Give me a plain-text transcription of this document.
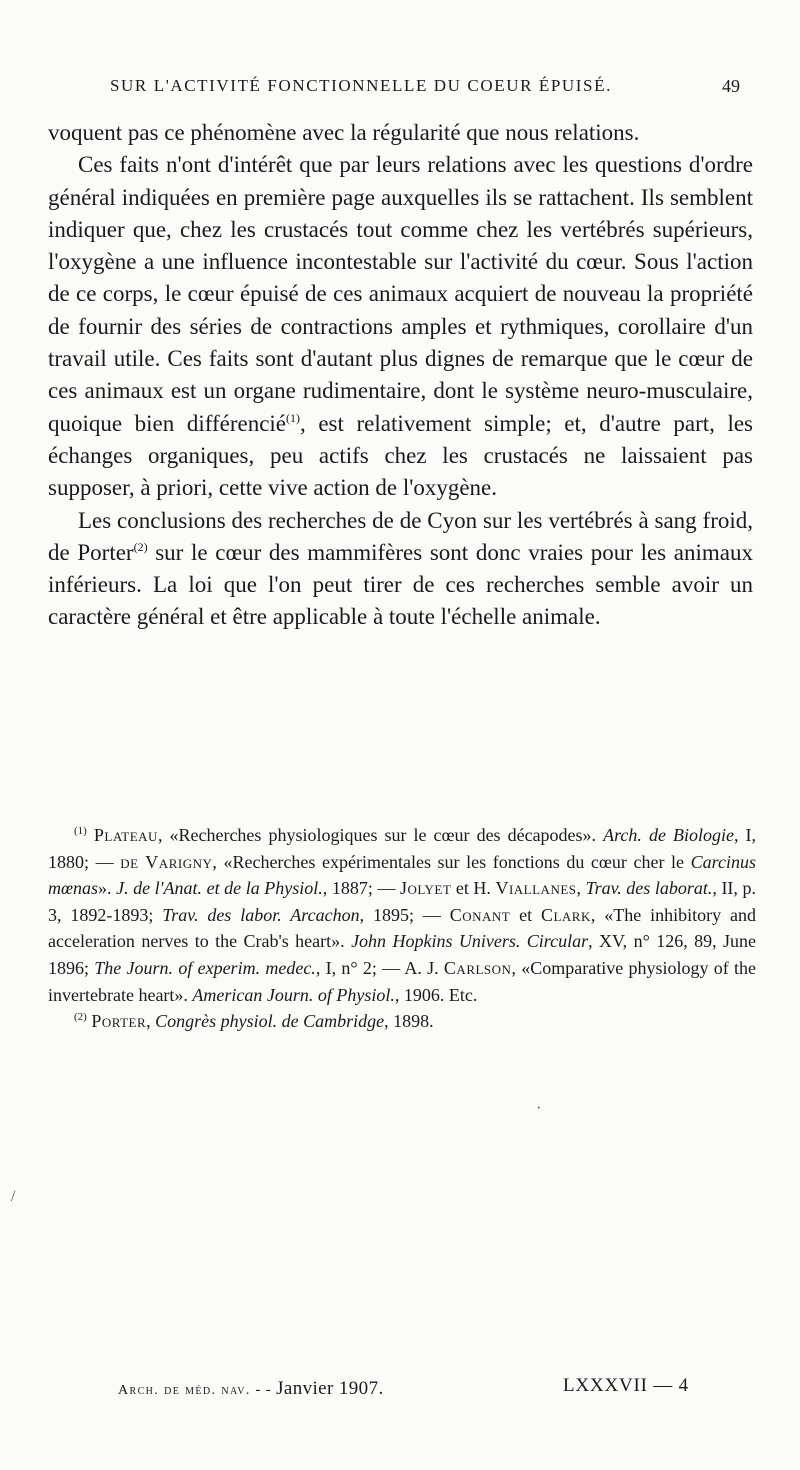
SUR L'ACTIVITÉ FONCTIONNELLE DU COEUR ÉPUISÉ.	49

voquent pas ce phénomène avec la régularité que nous relations.

Ces faits n'ont d'intérêt que par leurs relations avec les questions d'ordre général indiquées en première page auxquelles ils se rattachent. Ils semblent indiquer que, chez les crustacés tout comme chez les vertébrés supérieurs, l'oxygène a une influence incontestable sur l'activité du cœur. Sous l'action de ce corps, le cœur épuisé de ces animaux acquiert de nouveau la propriété de fournir des séries de contractions amples et rythmiques, corollaire d'un travail utile. Ces faits sont d'autant plus dignes de remarque que le cœur de ces animaux est un organe rudimentaire, dont le système neuro-musculaire, quoique bien différencié$^{(1)}$, est relativement simple; et, d'autre part, les échanges organiques, peu actifs chez les crustacés ne laissaient pas supposer, à priori, cette vive action de l'oxygène.

Les conclusions des recherches de de Cyon sur les vertébrés à sang froid, de Porter$^{(2)}$ sur le cœur des mammifères sont donc vraies pour les animaux inférieurs. La loi que l'on peut tirer de ces recherches semble avoir un caractère général et être applicable à toute l'échelle animale.

$^{(1)}$ Plateau, «Recherches physiologiques sur le cœur des décapodes». Arch. de Biologie, I, 1880; — de Varigny, «Recherches expérimentales sur les fonctions du cœur cher le Carcinus mœnas». J. de l'Anat. et de la Physiol., 1887; — Jolyet et H. Viallanes, Trav. des laborat., II, p. 3, 1892-1893; Trav. des labor. Arcachon, 1895; — Conant et Clark, «The inhibitory and acceleration nerves to the Crab's heart». John Hopkins Univers. Circular, XV, n° 126, 89, June 1896; The Journ. of experim. medec., I, n° 2; — A. J. Carlson, «Comparative physiology of the invertebrate heart». American Journ. of Physiol., 1906. Etc.

$^{(2)}$ Porter, Congrès physiol. de Cambridge, 1898.

·
/
Arch. de méd. nav. - - Janvier 1907.	LXXXVII — 4
